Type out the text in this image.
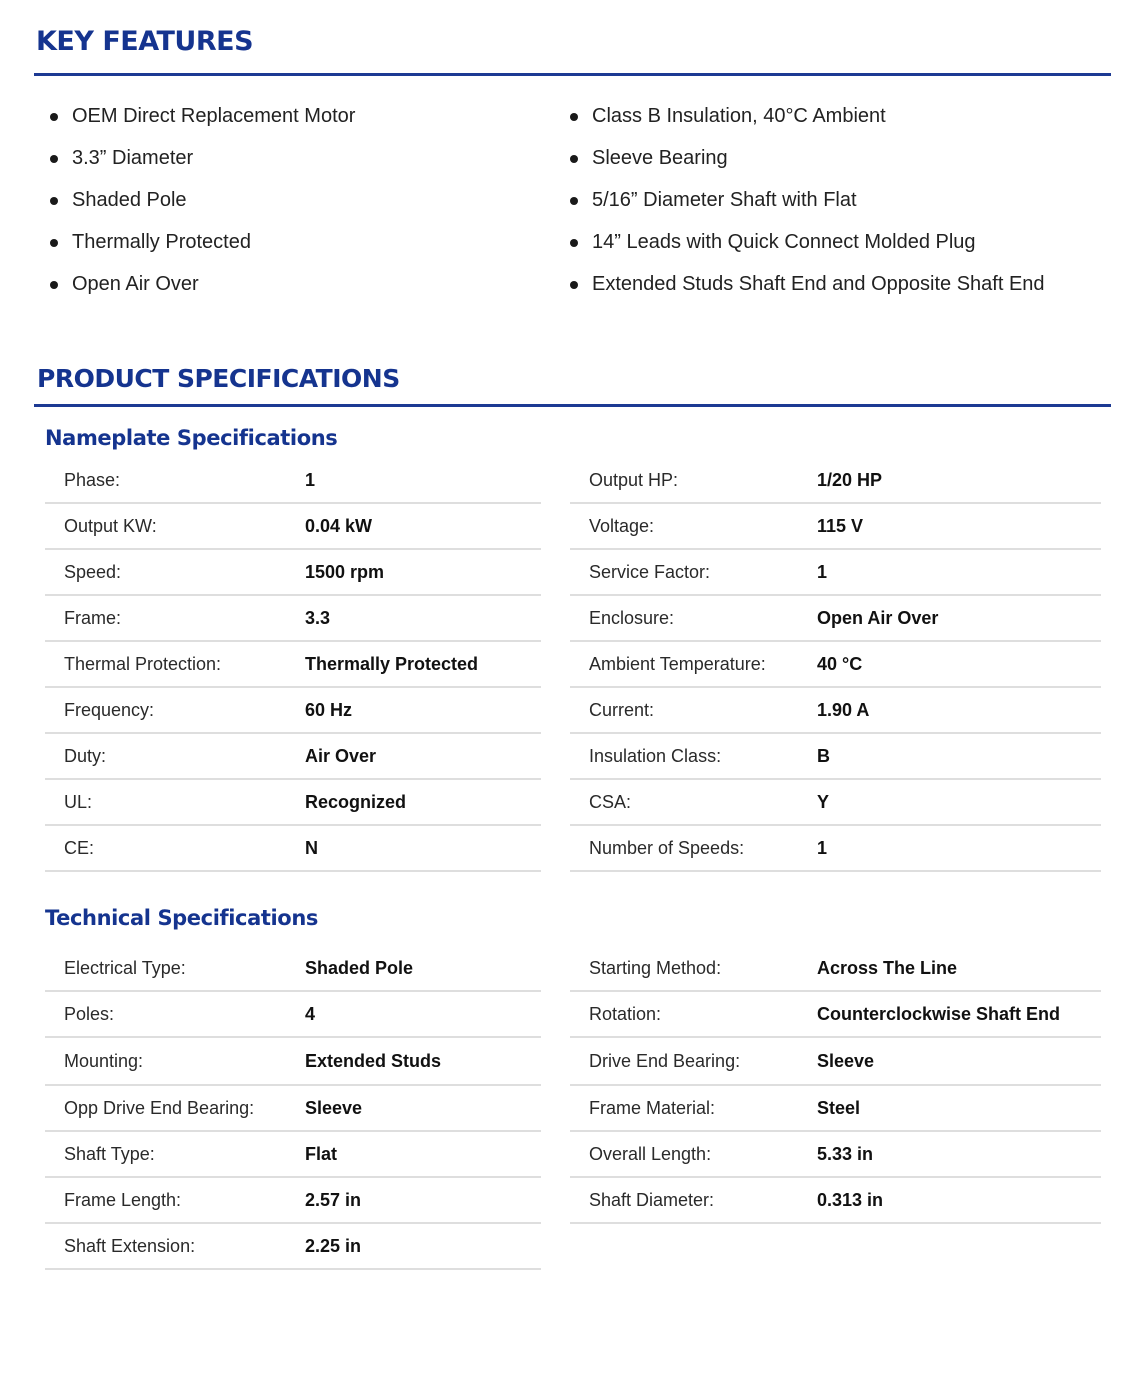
KEY FEATURES
OEM Direct Replacement Motor
3.3” Diameter
Shaded Pole
Thermally Protected
Open Air Over
Class B Insulation, 40°C Ambient
Sleeve Bearing
5/16” Diameter Shaft with Flat
14” Leads with Quick Connect Molded Plug
Extended Studs Shaft End and Opposite Shaft End
PRODUCT SPECIFICATIONS
Nameplate Specifications
Phase:	1
Output KW:	0.04 kW
Speed:	1500 rpm
Frame:	3.3
Thermal Protection:	Thermally Protected
Frequency:	60 Hz
Duty:	Air Over
UL:	Recognized
CE:	N
Output HP:	1/20 HP
Voltage:	115 V
Service Factor:	1
Enclosure:	Open Air Over
Ambient Temperature:	40 °C
Current:	1.90 A
Insulation Class:	B
CSA:	Y
Number of Speeds:	1
Technical Specifications
Electrical Type:	Shaded Pole
Poles:	4
Mounting:	Extended Studs
Opp Drive End Bearing:	Sleeve
Shaft Type:	Flat
Frame Length:	2.57 in
Shaft Extension:	2.25 in
Starting Method:	Across The Line
Rotation:	Counterclockwise Shaft End
Drive End Bearing:	Sleeve
Frame Material:	Steel
Overall Length:	5.33 in
Shaft Diameter:	0.313 in
